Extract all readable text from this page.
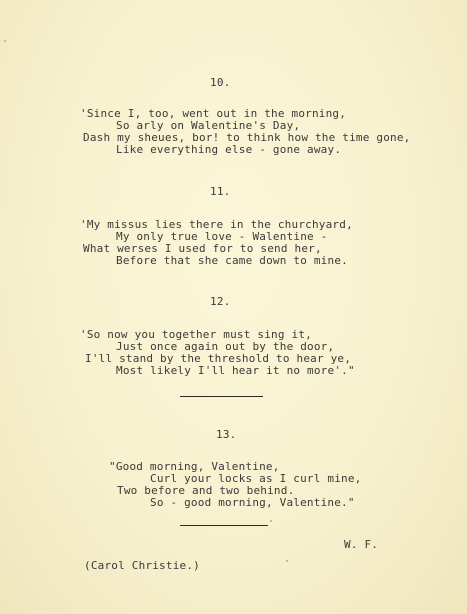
10.
'Since I, too, went out in the morning,
So arly on Walentine's Day,
Dash my sheues, bor! to think how the time gone,
Like everything else - gone away.
11.
'My missus lies there in the churchyard,
My only true love - Walentine -
What werses I used for to send her,
Before that she came down to mine.
12.
'So now you together must sing it,
Just once again out by the door,
I'll stand by the threshold to hear ye,
Most likely I'll hear it no more'."
13.
"Good morning, Valentine,
Curl your locks as I curl mine,
Two before and two behind.
So - good morning, Valentine."
W. F.
(Carol Christie.)
